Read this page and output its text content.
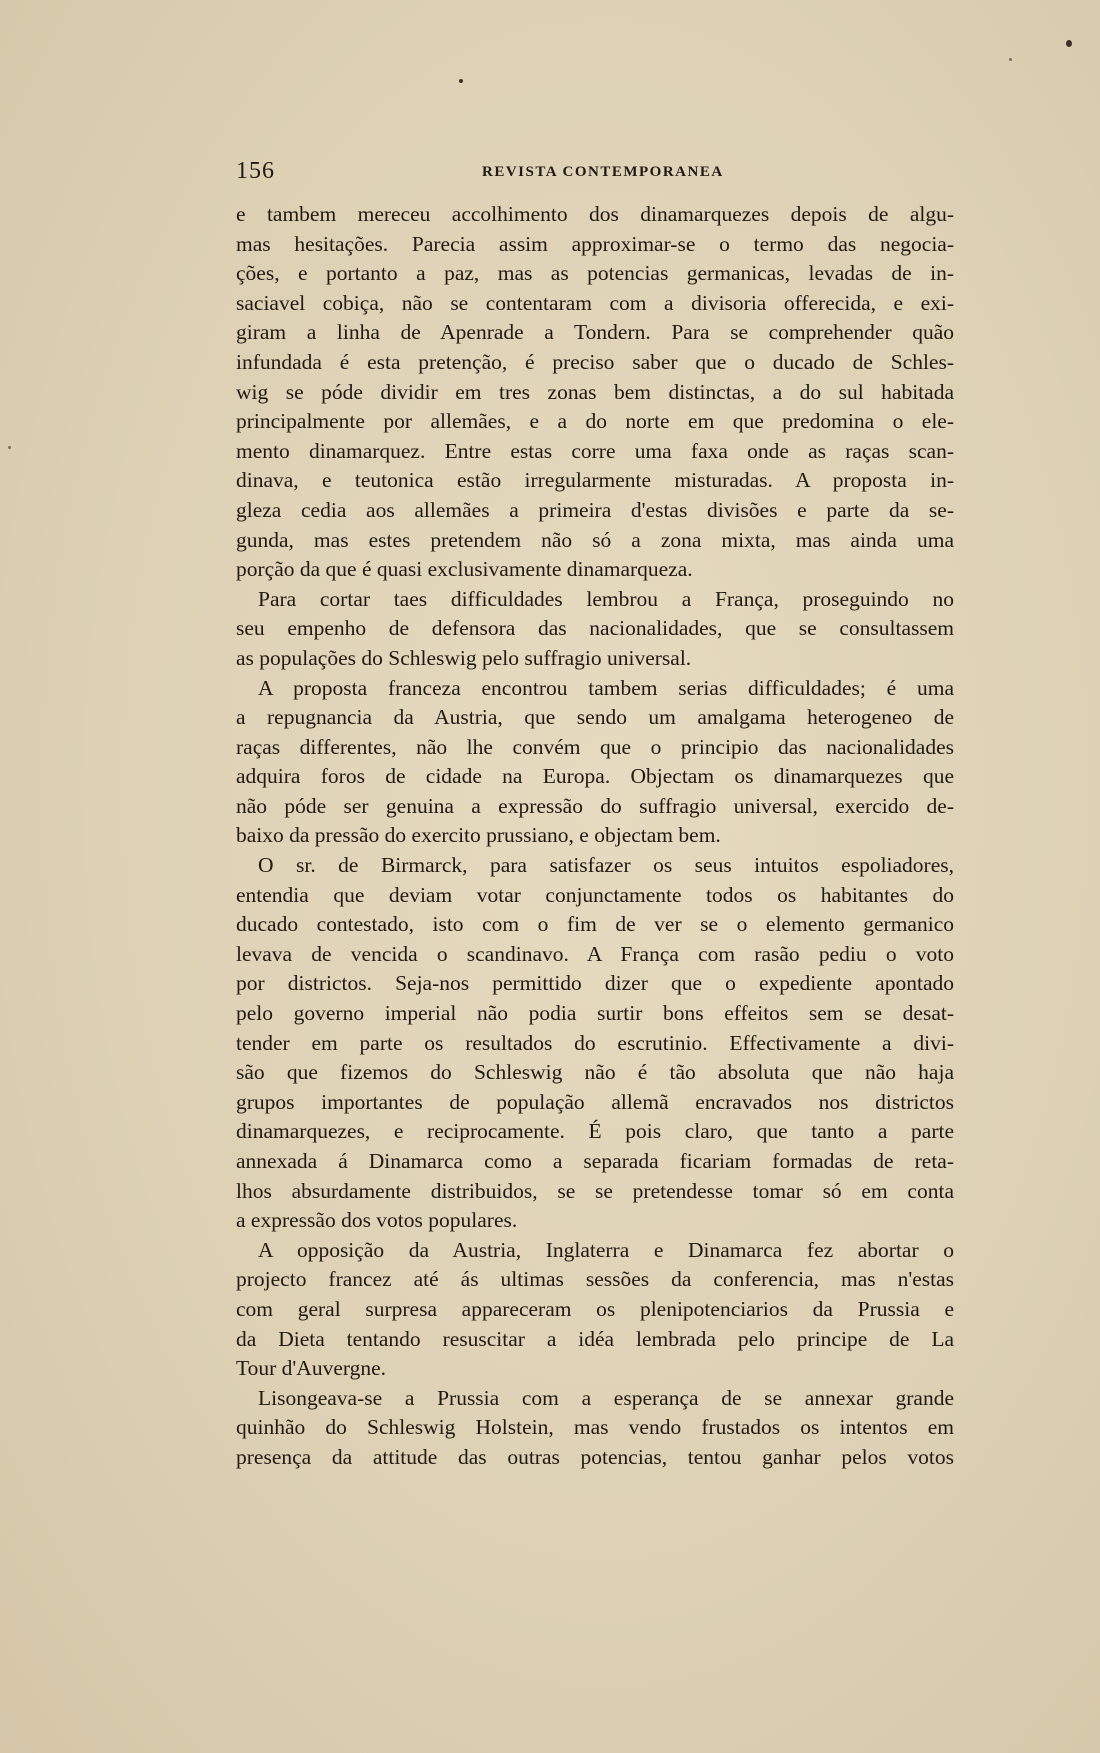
156	REVISTA CONTEMPORANEA
e tambem mereceu accolhimento dos dinamarquezes depois de algu-
mas hesitações. Parecia assim approximar-se o termo das negocia-
ções, e portanto a paz, mas as potencias germanicas, levadas de in-
saciavel cobiça, não se contentaram com a divisoria offerecida, e exi-
giram a linha de Apenrade a Tondern. Para se comprehender quão
infundada é esta pretenção, é preciso saber que o ducado de Schles-
wig se póde dividir em tres zonas bem distinctas, a do sul habitada
principalmente por allemães, e a do norte em que predomina o ele-
mento dinamarquez. Entre estas corre uma faxa onde as raças scan-
dinava, e teutonica estão irregularmente misturadas. A proposta in-
gleza cedia aos allemães a primeira d'estas divisões e parte da se-
gunda, mas estes pretendem não só a zona mixta, mas ainda uma
porção da que é quasi exclusivamente dinamarqueza.
Para cortar taes difficuldades lembrou a França, proseguindo no
seu empenho de defensora das nacionalidades, que se consultassem
as populações do Schleswig pelo suffragio universal.
A proposta franceza encontrou tambem serias difficuldades; é uma
a repugnancia da Austria, que sendo um amalgama heterogeneo de
raças differentes, não lhe convém que o principio das nacionalidades
adquira foros de cidade na Europa. Objectam os dinamarquezes que
não póde ser genuina a expressão do suffragio universal, exercido de-
baixo da pressão do exercito prussiano, e objectam bem.
O sr. de Birmarck, para satisfazer os seus intuitos espoliadores,
entendia que deviam votar conjunctamente todos os habitantes do
ducado contestado, isto com o fim de ver se o elemento germanico
levava de vencida o scandinavo. A França com rasão pediu o voto
por districtos. Seja-nos permittido dizer que o expediente apontado
pelo governo imperial não podia surtir bons effeitos sem se desat-
tender em parte os resultados do escrutinio. Effectivamente a divi-
são que fizemos do Schleswig não é tão absoluta que não haja
grupos importantes de população allemã encravados nos districtos
dinamarquezes, e reciprocamente. É pois claro, que tanto a parte
annexada á Dinamarca como a separada ficariam formadas de reta-
lhos absurdamente distribuidos, se se pretendesse tomar só em conta
a expressão dos votos populares.
A opposição da Austria, Inglaterra e Dinamarca fez abortar o
projecto francez até ás ultimas sessões da conferencia, mas n'estas
com geral surpresa appareceram os plenipotenciarios da Prussia e
da Dieta tentando resuscitar a idéa lembrada pelo principe de La
Tour d'Auvergne.
Lisongeava-se a Prussia com a esperança de se annexar grande
quinhão do Schleswig Holstein, mas vendo frustados os intentos em
presença da attitude das outras potencias, tentou ganhar pelos votos
